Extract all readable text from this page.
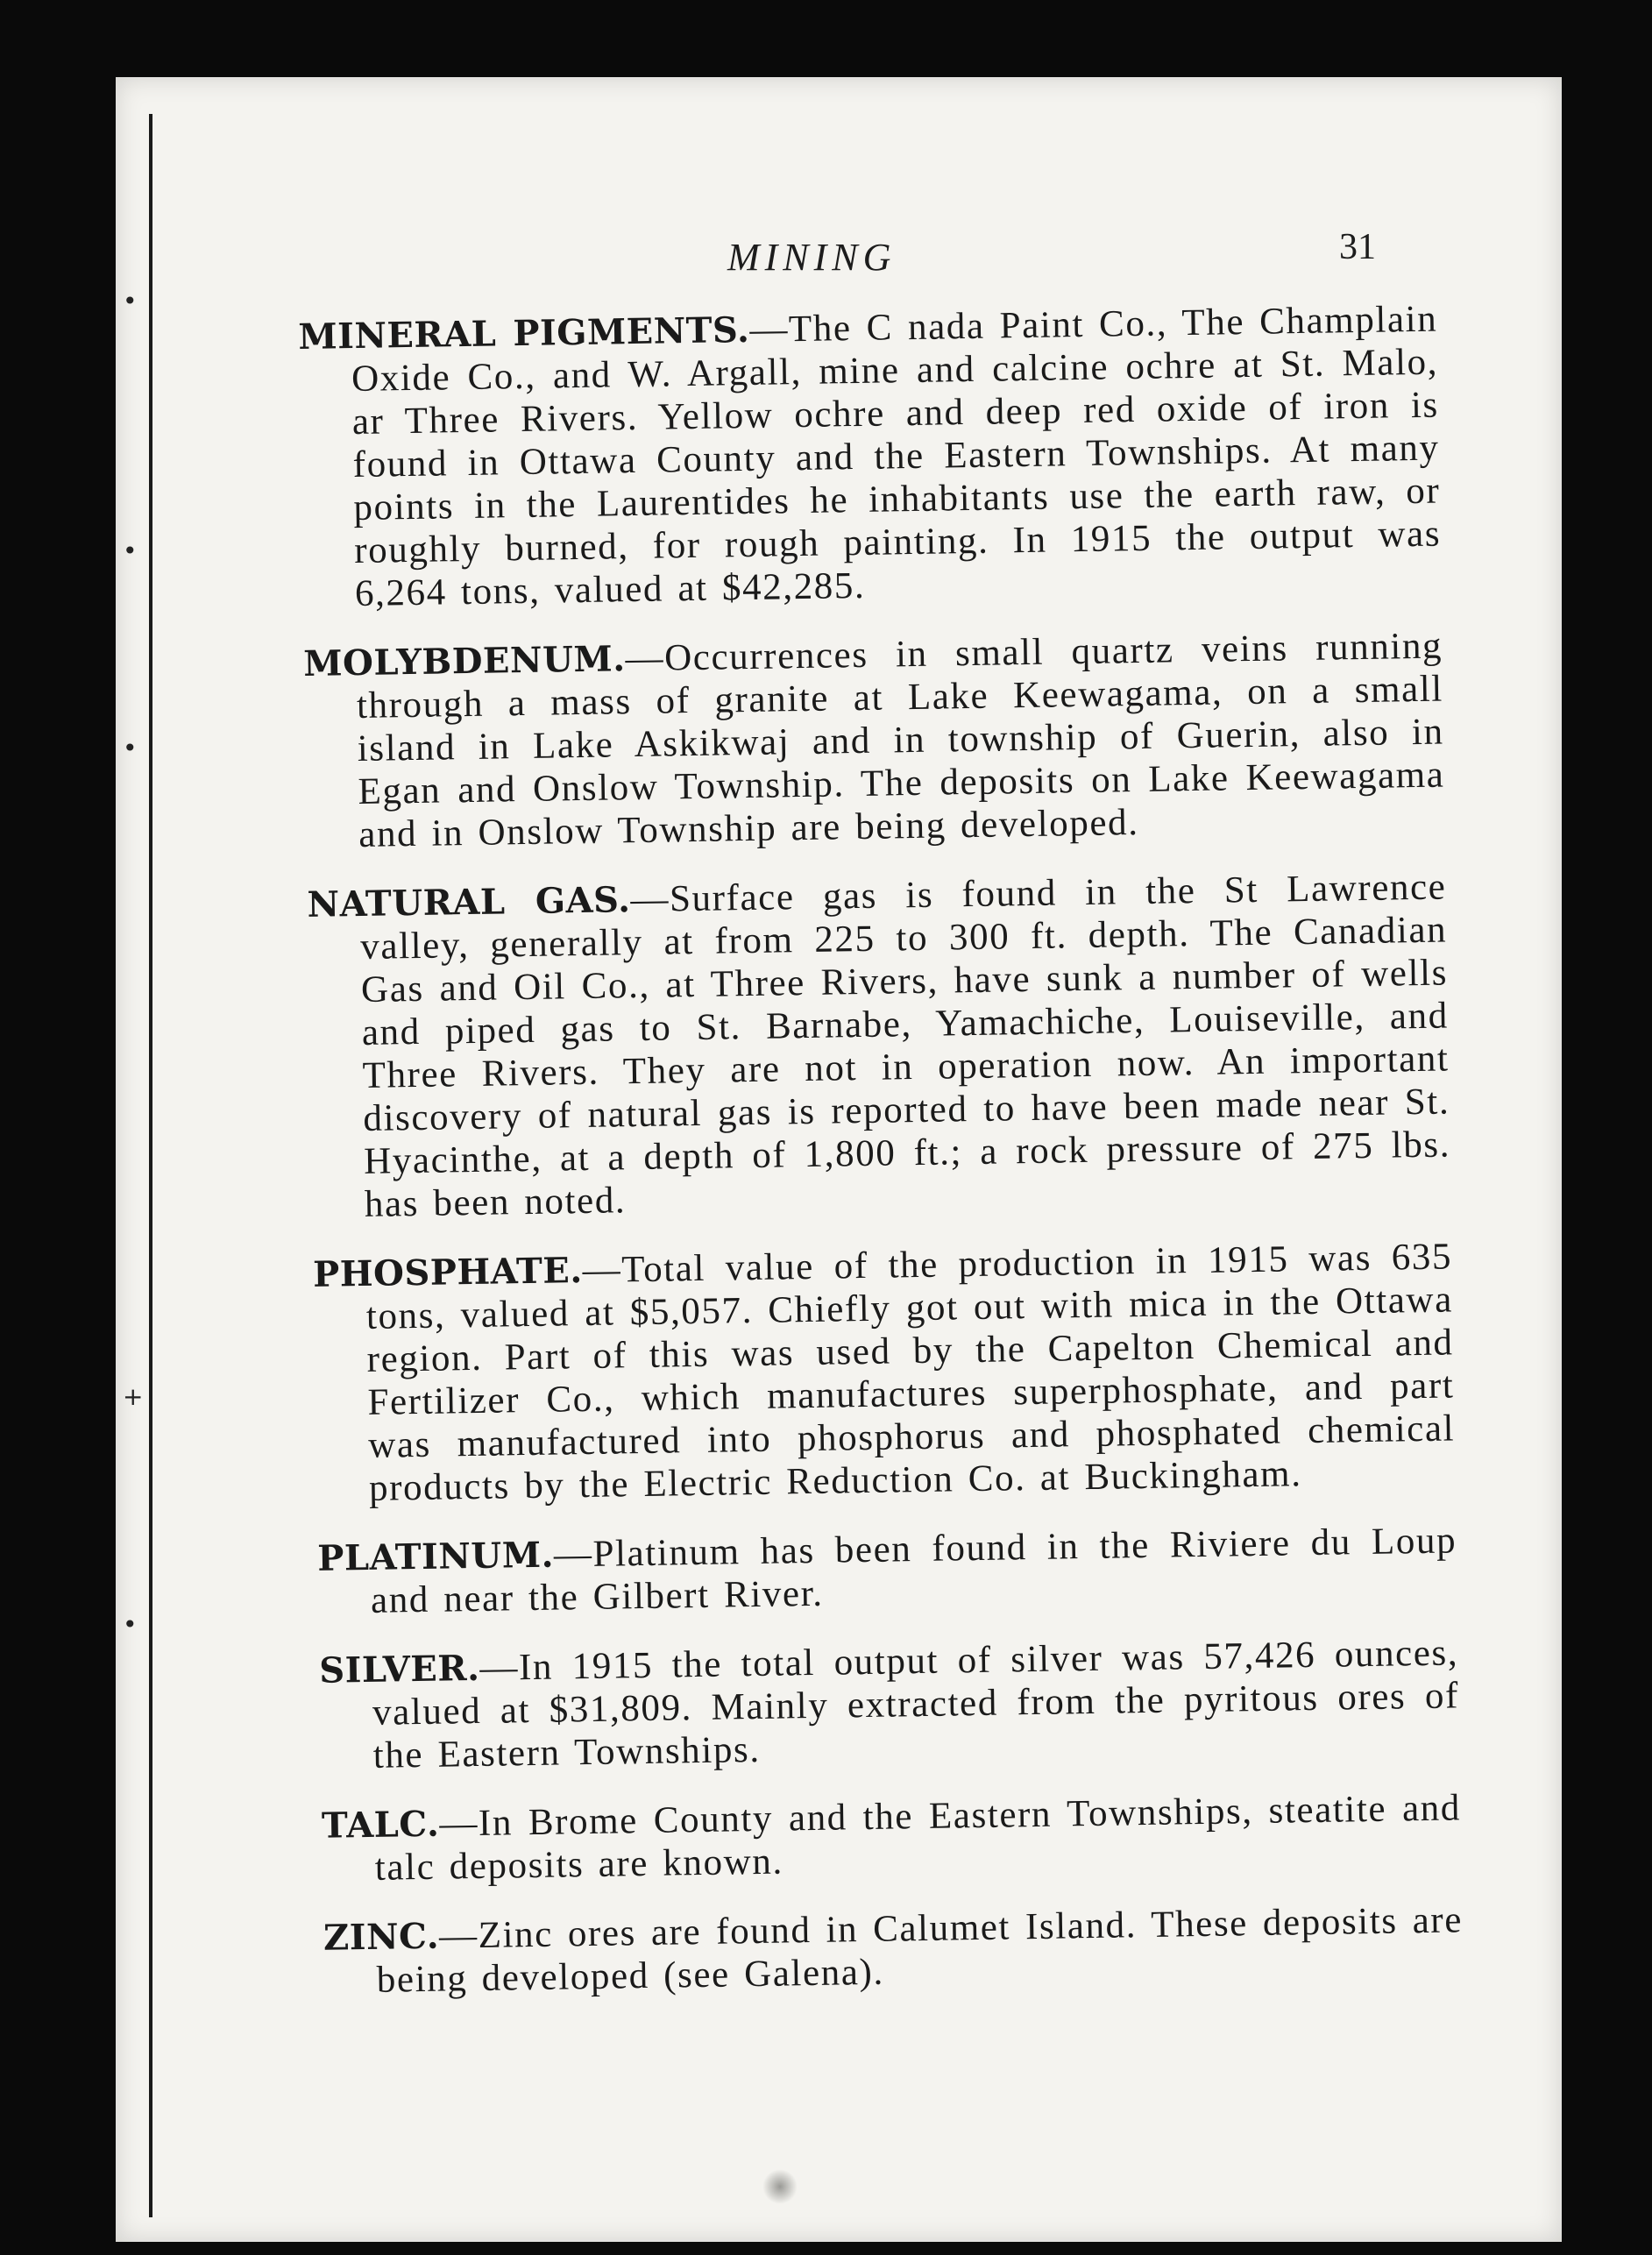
•
•
•
+
•
MINING	31

MINERAL PIGMENTS.—The C nada Paint Co., The Champlain Oxide Co., and W. Argall, mine and calcine ochre at St. Malo, ar Three Rivers. Yellow ochre and deep red oxide of iron is found in Ottawa County and the Eastern Townships. At many points in the Laurentides he inhabitants use the earth raw, or roughly burned, for rough painting. In 1915 the output was 6,264 tons, valued at $42,285.

MOLYBDENUM.—Occurrences in small quartz veins running through a mass of granite at Lake Keewagama, on a small island in Lake Askikwaj and in township of Guerin, also in Egan and Onslow Township. The deposits on Lake Keewagama and in Onslow Township are being developed.

NATURAL GAS.—Surface gas is found in the St Lawrence valley, generally at from 225 to 300 ft. depth. The Canadian Gas and Oil Co., at Three Rivers, have sunk a number of wells and piped gas to St. Barnabe, Yamachiche, Louiseville, and Three Rivers. They are not in operation now. An important discovery of natural gas is reported to have been made near St. Hyacinthe, at a depth of 1,800 ft.; a rock pressure of 275 lbs. has been noted.

PHOSPHATE.—Total value of the production in 1915 was 635 tons, valued at $5,057. Chiefly got out with mica in the Ottawa region. Part of this was used by the Capelton Chemical and Fertilizer Co., which manufactures superphosphate, and part was manufactured into phosphorus and phosphated chemical products by the Electric Reduction Co. at Buckingham.

PLATINUM.—Platinum has been found in the Riviere du Loup and near the Gilbert River.

SILVER.—In 1915 the total output of silver was 57,426 ounces, valued at $31,809. Mainly extracted from the pyritous ores of the Eastern Townships.

TALC.—In Brome County and the Eastern Townships, steatite and talc deposits are known.

ZINC.—Zinc ores are found in Calumet Island. These deposits are being developed (see Galena).
